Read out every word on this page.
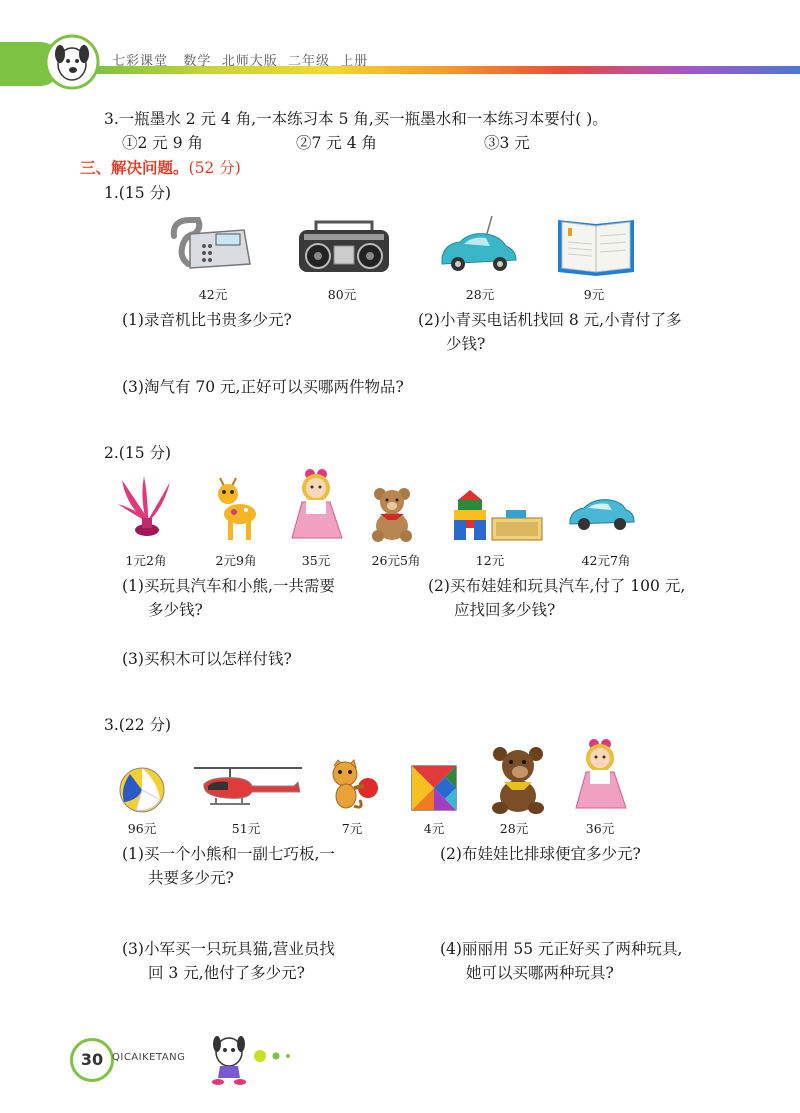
七彩课堂 数学 北师大版 二年级 上册
3.一瓶墨水 2 元 4 角,一本练习本 5 角,买一瓶墨水和一本练习本要付( )。
①2 元 9 角	②7 元 4 角	③3 元
三、解决问题。(52 分)
1.(15 分)
42元	80元	28元	9元
(1)录音机比书贵多少元?	(2)小青买电话机找回 8 元,小青付了多
少钱?
(3)淘气有 70 元,正好可以买哪两件物品?
2.(15 分)
1元2角	2元9角	35元	26元5角	12元	42元7角
(1)买玩具汽车和小熊,一共需要
多少钱?
(2)买布娃娃和玩具汽车,付了 100 元,
应找回多少钱?
(3)买积木可以怎样付钱?
3.(22 分)
96元	51元	7元	4元	28元	36元
(1)买一个小熊和一副七巧板,一
共要多少元?
(2)布娃娃比排球便宜多少元?
(3)小军买一只玩具猫,营业员找
回 3 元,他付了多少元?
(4)丽丽用 55 元正好买了两种玩具,
她可以买哪两种玩具?
30 QICAIKETANG
